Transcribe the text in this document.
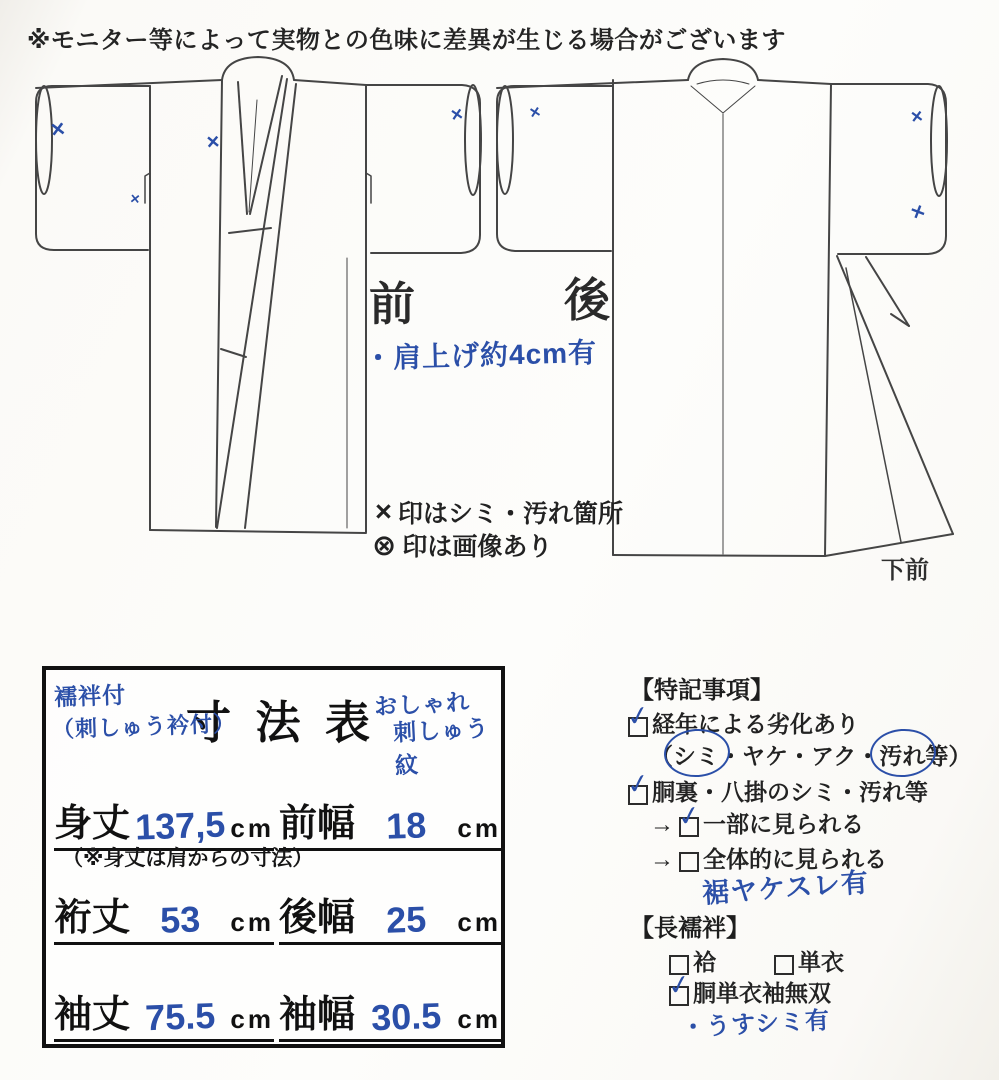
※モニター等によって実物との色味に差異が生じる場合がございます
×
×
×
×	×	×
×
前	後
下前
・肩上げ約4cm有
× 印はシミ・汚れ箇所
⊗ 印は画像あり
寸 法 表
襦袢付
（刺しゅう衿付）
おしゃれ
刺しゅう紋
身丈 137,5 cm 前幅 18	cm
（※身丈は肩からの寸法）
裄丈 53	cm 後幅 25	cm
袖丈 75.5 cm 袖幅 30.5 cm
【特記事項】
✓ 経年による劣化あり
（ シミ ・ヤケ・アク・ 汚れ 等）
✓ 胴裏・八掛のシミ・汚れ等
→ ✓ 一部に見られる
→ 全体的に見られる
裾ヤケスレ有
【長襦袢】
袷	単衣
✓ 胴単衣袖無双
・うすシミ有
